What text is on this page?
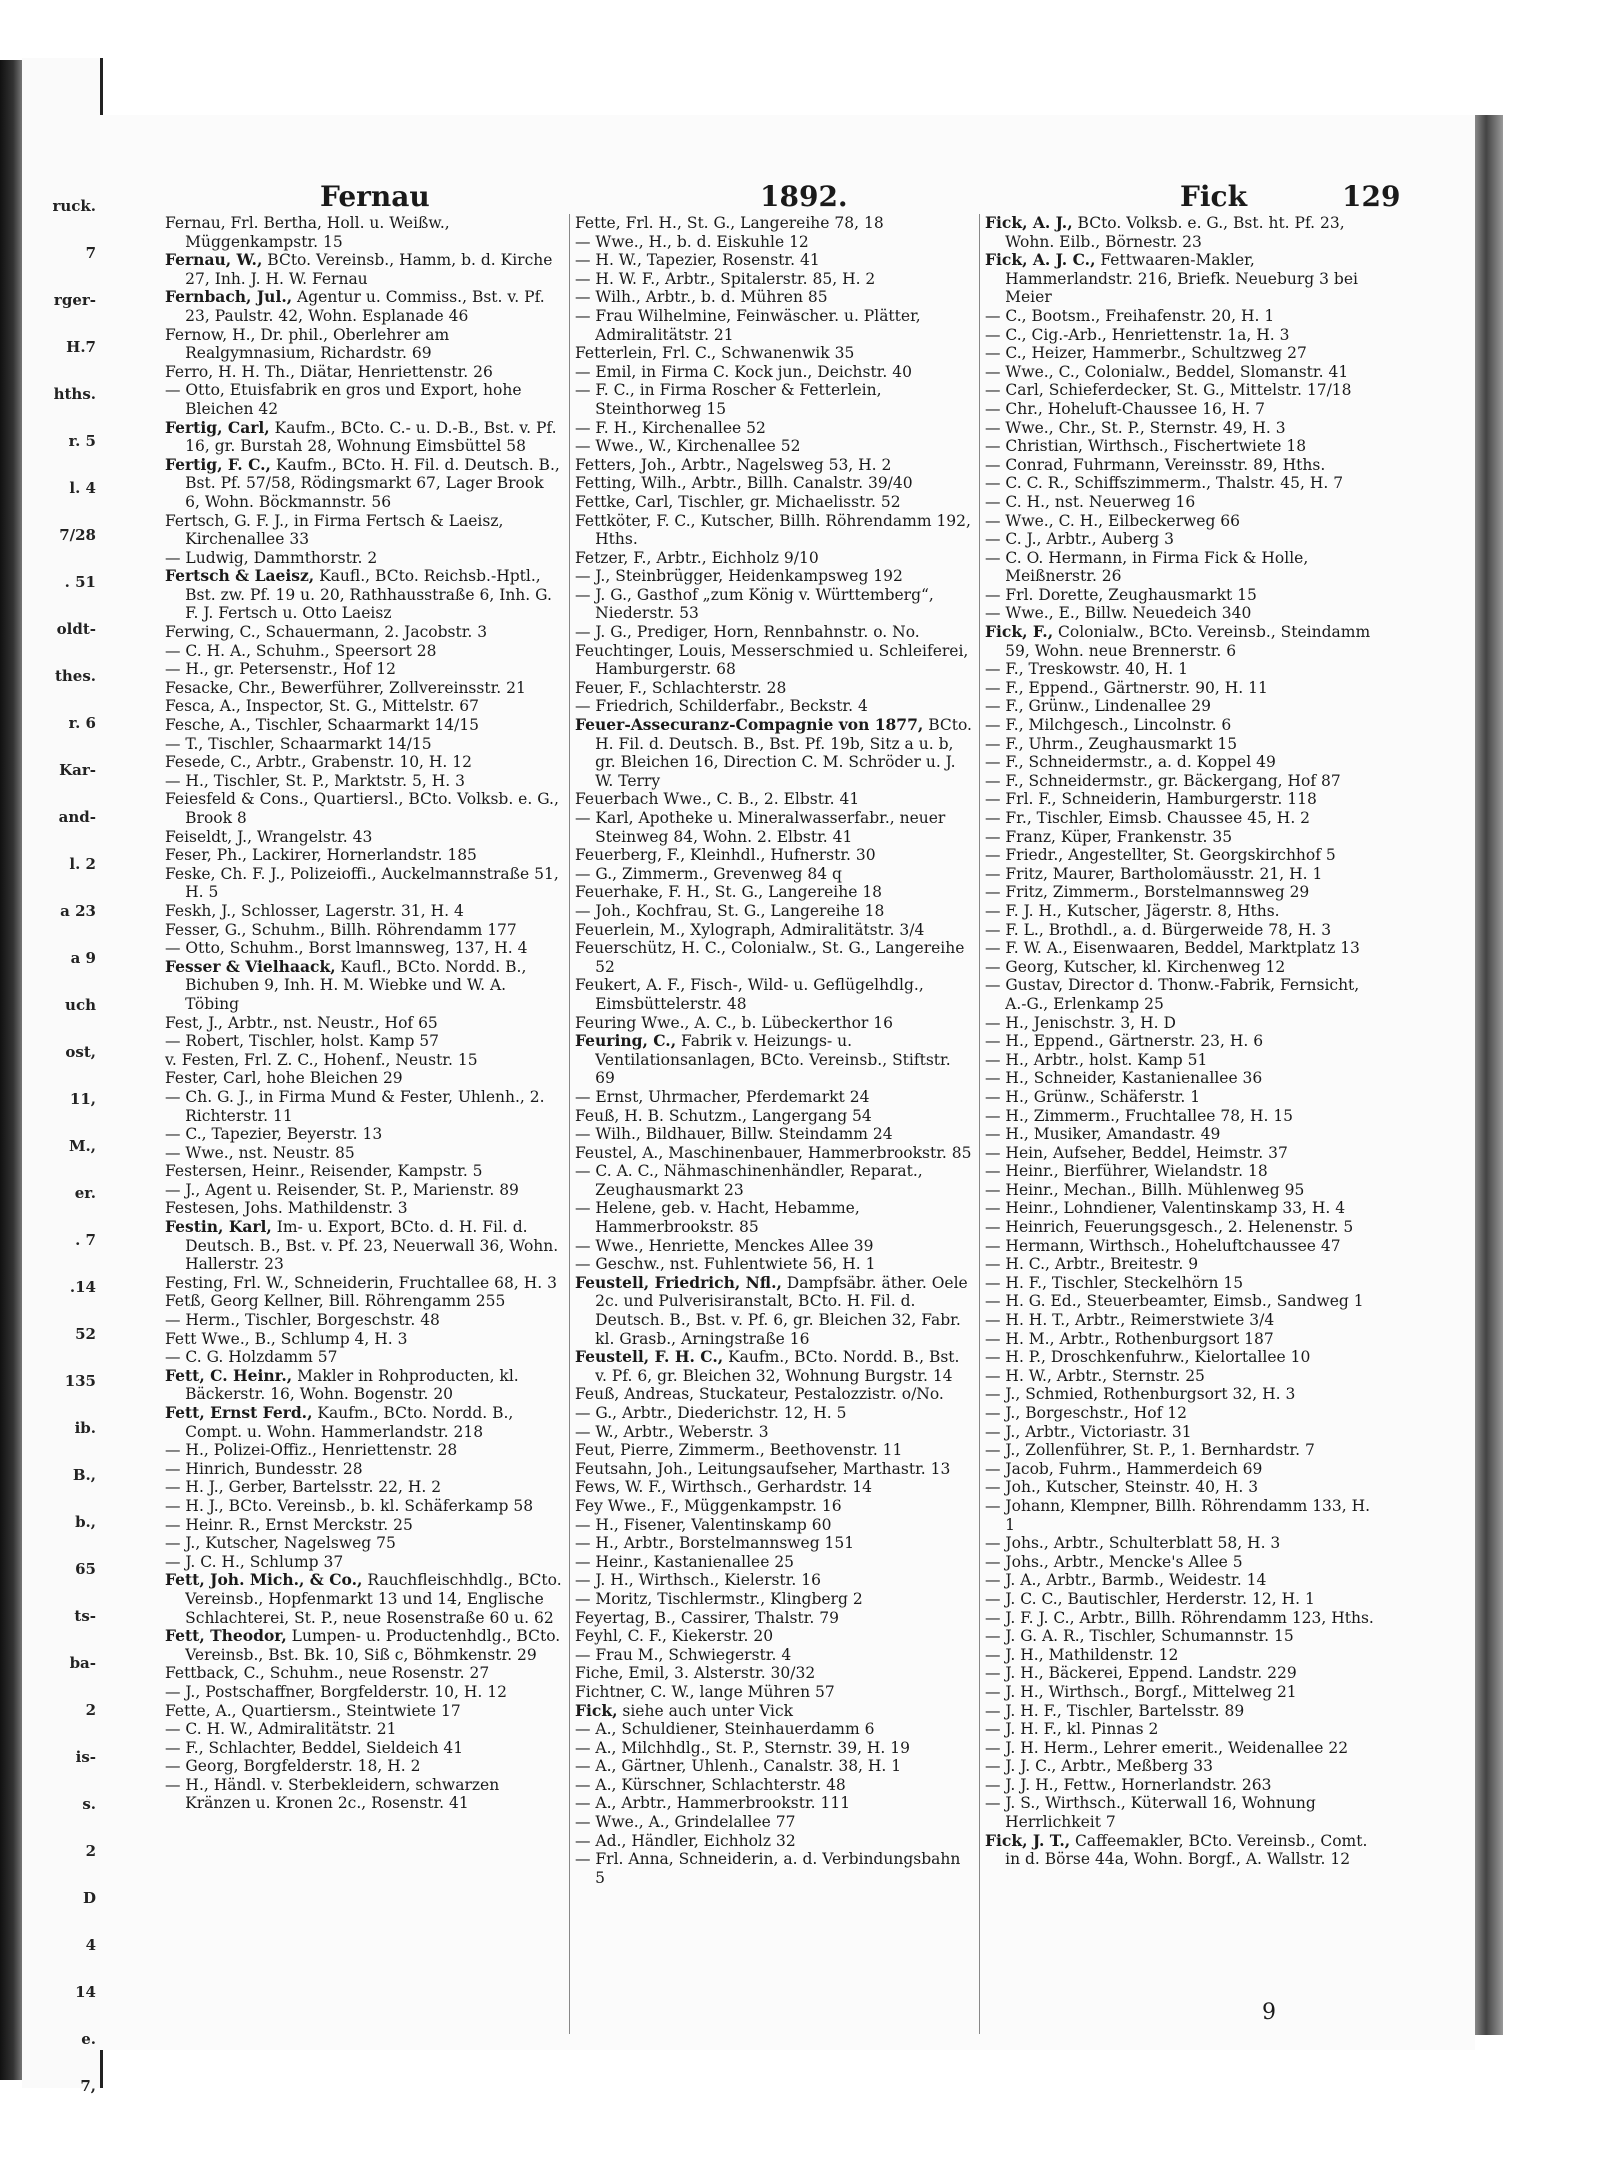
ruck.
7
rger-
H.7
hths.
r. 5
l. 4
7/28
. 51
oldt-
thes.
r. 6
Kar-
and-
l. 2
a 23
a 9
uch
ost,
11,
M.,
er.
. 7
.14
52
135
ib.
B.,
b.,
65
ts-
ba-
2
is-
s.
2
D
4
14
e.
7,
Fernau	1892.	Fick	129

Fernau, Frl. Bertha, Holl. u. Weißw., Müggenkampstr. 15

Fernau, W., BCto. Vereinsb., Hamm, b. d. Kirche 27, Inh. J. H. W. Fernau

Fernbach, Jul., Agentur u. Commiss., Bst. v. Pf. 23, Paulstr. 42, Wohn. Esplanade 46

Fernow, H., Dr. phil., Oberlehrer am Realgymnasium, Richardstr. 69

Ferro, H. H. Th., Diätar, Henriettenstr. 26

— Otto, Etuisfabrik en gros und Export, hohe Bleichen 42

Fertig, Carl, Kaufm., BCto. C.- u. D.-B., Bst. v. Pf. 16, gr. Burstah 28, Wohnung Eimsbüttel 58

Fertig, F. C., Kaufm., BCto. H. Fil. d. Deutsch. B., Bst. Pf. 57/58, Rödingsmarkt 67, Lager Brook 6, Wohn. Böckmannstr. 56

Fertsch, G. F. J., in Firma Fertsch & Laeisz, Kirchenallee 33

— Ludwig, Dammthorstr. 2

Fertsch & Laeisz, Kaufl., BCto. Reichsb.-Hptl., Bst. zw. Pf. 19 u. 20, Rathhausstraße 6, Inh. G. F. J. Fertsch u. Otto Laeisz

Ferwing, C., Schauermann, 2. Jacobstr. 3

— C. H. A., Schuhm., Speersort 28

— H., gr. Petersenstr., Hof 12

Fesacke, Chr., Bewerführer, Zollvereinsstr. 21

Fesca, A., Inspector, St. G., Mittelstr. 67

Fesche, A., Tischler, Schaarmarkt 14/15

— T., Tischler, Schaarmarkt 14/15

Fesede, C., Arbtr., Grabenstr. 10, H. 12

— H., Tischler, St. P., Marktstr. 5, H. 3

Feiesfeld & Cons., Quartiersl., BCto. Volksb. e. G., Brook 8

Feiseldt, J., Wrangelstr. 43

Feser, Ph., Lackirer, Hornerlandstr. 185

Feske, Ch. F. J., Polizeioffi., Auckelmannstraße 51, H. 5

Feskh, J., Schlosser, Lagerstr. 31, H. 4

Fesser, G., Schuhm., Billh. Röhrendamm 177

— Otto, Schuhm., Borst lmannsweg, 137, H. 4

Fesser & Vielhaack, Kaufl., BCto. Nordd. B., Bichuben 9, Inh. H. M. Wiebke und W. A. Töbing

Fest, J., Arbtr., nst. Neustr., Hof 65

— Robert, Tischler, holst. Kamp 57

v. Festen, Frl. Z. C., Hohenf., Neustr. 15

Fester, Carl, hohe Bleichen 29

— Ch. G. J., in Firma Mund & Fester, Uhlenh., 2. Richterstr. 11

— C., Tapezier, Beyerstr. 13

— Wwe., nst. Neustr. 85

Festersen, Heinr., Reisender, Kampstr. 5

— J., Agent u. Reisender, St. P., Marienstr. 89

Festesen, Johs. Mathildenstr. 3

Festin, Karl, Im- u. Export, BCto. d. H. Fil. d. Deutsch. B., Bst. v. Pf. 23, Neuerwall 36, Wohn. Hallerstr. 23

Festing, Frl. W., Schneiderin, Fruchtallee 68, H. 3

Fetß, Georg Kellner, Bill. Röhrengamm 255

— Herm., Tischler, Borgeschstr. 48

Fett Wwe., B., Schlump 4, H. 3

— C. G. Holzdamm 57

Fett, C. Heinr., Makler in Rohproducten, kl. Bäckerstr. 16, Wohn. Bogenstr. 20

Fett, Ernst Ferd., Kaufm., BCto. Nordd. B., Compt. u. Wohn. Hammerlandstr. 218

— H., Polizei-Offiz., Henriettenstr. 28

— Hinrich, Bundesstr. 28

— H. J., Gerber, Bartelsstr. 22, H. 2

— H. J., BCto. Vereinsb., b. kl. Schäferkamp 58

— Heinr. R., Ernst Merckstr. 25

— J., Kutscher, Nagelsweg 75

— J. C. H., Schlump 37

Fett, Joh. Mich., & Co., Rauchfleischhdlg., BCto. Vereinsb., Hopfenmarkt 13 und 14, Englische Schlachterei, St. P., neue Rosenstraße 60 u. 62

Fett, Theodor, Lumpen- u. Productenhdlg., BCto. Vereinsb., Bst. Bk. 10, Siß c, Böhmkenstr. 29

Fettback, C., Schuhm., neue Rosenstr. 27

— J., Postschaffner, Borgfelderstr. 10, H. 12

Fette, A., Quartiersm., Steintwiete 17

— C. H. W., Admiralitätstr. 21

— F., Schlachter, Beddel, Sieldeich 41

— Georg, Borgfelderstr. 18, H. 2

— H., Händl. v. Sterbekleidern, schwarzen Kränzen u. Kronen 2c., Rosenstr. 41

Fette, Frl. H., St. G., Langereihe 78, 18

— Wwe., H., b. d. Eiskuhle 12

— H. W., Tapezier, Rosenstr. 41

— H. W. F., Arbtr., Spitalerstr. 85, H. 2

— Wilh., Arbtr., b. d. Mühren 85

— Frau Wilhelmine, Feinwäscher. u. Plätter, Admiralitätstr. 21

Fetterlein, Frl. C., Schwanenwik 35

— Emil, in Firma C. Kock jun., Deichstr. 40

— F. C., in Firma Roscher & Fetterlein, Steinthorweg 15

— F. H., Kirchenallee 52

— Wwe., W., Kirchenallee 52

Fetters, Joh., Arbtr., Nagelsweg 53, H. 2

Fetting, Wilh., Arbtr., Billh. Canalstr. 39/40

Fettke, Carl, Tischler, gr. Michaelisstr. 52

Fettköter, F. C., Kutscher, Billh. Röhrendamm 192, Hths.

Fetzer, F., Arbtr., Eichholz 9/10

— J., Steinbrügger, Heidenkampsweg 192

— J. G., Gasthof „zum König v. Württemberg“, Niederstr. 53

— J. G., Prediger, Horn, Rennbahnstr. o. No.

Feuchtinger, Louis, Messerschmied u. Schleiferei, Hamburgerstr. 68

Feuer, F., Schlachterstr. 28

— Friedrich, Schilderfabr., Beckstr. 4

Feuer-Assecuranz-Compagnie von 1877, BCto. H. Fil. d. Deutsch. B., Bst. Pf. 19b, Sitz a u. b, gr. Bleichen 16, Direction C. M. Schröder u. J. W. Terry

Feuerbach Wwe., C. B., 2. Elbstr. 41

— Karl, Apotheke u. Mineralwasserfabr., neuer Steinweg 84, Wohn. 2. Elbstr. 41

Feuerberg, F., Kleinhdl., Hufnerstr. 30

— G., Zimmerm., Grevenweg 84 q

Feuerhake, F. H., St. G., Langereihe 18

— Joh., Kochfrau, St. G., Langereihe 18

Feuerlein, M., Xylograph, Admiralitätstr. 3/4

Feuerschütz, H. C., Colonialw., St. G., Langereihe 52

Feukert, A. F., Fisch-, Wild- u. Geflügelhdlg., Eimsbüttelerstr. 48

Feuring Wwe., A. C., b. Lübeckerthor 16

Feuring, C., Fabrik v. Heizungs- u. Ventilationsanlagen, BCto. Vereinsb., Stiftstr. 69

— Ernst, Uhrmacher, Pferdemarkt 24

Feuß, H. B. Schutzm., Langergang 54

— Wilh., Bildhauer, Billw. Steindamm 24

Feustel, A., Maschinenbauer, Hammerbrookstr. 85

— C. A. C., Nähmaschinenhändler, Reparat., Zeughausmarkt 23

— Helene, geb. v. Hacht, Hebamme, Hammerbrookstr. 85

— Wwe., Henriette, Menckes Allee 39

— Geschw., nst. Fuhlentwiete 56, H. 1

Feustell, Friedrich, Nfl., Dampfsäbr. äther. Oele 2c. und Pulverisiranstalt, BCto. H. Fil. d. Deutsch. B., Bst. v. Pf. 6, gr. Bleichen 32, Fabr. kl. Grasb., Arningstraße 16

Feustell, F. H. C., Kaufm., BCto. Nordd. B., Bst. v. Pf. 6, gr. Bleichen 32, Wohnung Burgstr. 14

Feuß, Andreas, Stuckateur, Pestalozzistr. o/No.

— G., Arbtr., Diederichstr. 12, H. 5

— W., Arbtr., Weberstr. 3

Feut, Pierre, Zimmerm., Beethovenstr. 11

Feutsahn, Joh., Leitungsaufseher, Marthastr. 13

Fews, W. F., Wirthsch., Gerhardstr. 14

Fey Wwe., F., Müggenkampstr. 16

— H., Fisener, Valentinskamp 60

— H., Arbtr., Borstelmannsweg 151

— Heinr., Kastanienallee 25

— J. H., Wirthsch., Kielerstr. 16

— Moritz, Tischlermstr., Klingberg 2

Feyertag, B., Cassirer, Thalstr. 79

Feyhl, C. F., Kiekerstr. 20

— Frau M., Schwiegerstr. 4

Fiche, Emil, 3. Alsterstr. 30/32

Fichtner, C. W., lange Mühren 57

Fick, siehe auch unter Vick

— A., Schuldiener, Steinhauerdamm 6

— A., Milchhdlg., St. P., Sternstr. 39, H. 19

— A., Gärtner, Uhlenh., Canalstr. 38, H. 1

— A., Kürschner, Schlachterstr. 48

— A., Arbtr., Hammerbrookstr. 111

— Wwe., A., Grindelallee 77

— Ad., Händler, Eichholz 32

— Frl. Anna, Schneiderin, a. d. Verbindungsbahn 5

Fick, A. J., BCto. Volksb. e. G., Bst. ht. Pf. 23, Wohn. Eilb., Börnestr. 23

Fick, A. J. C., Fettwaaren-Makler, Hammerlandstr. 216, Briefk. Neueburg 3 bei Meier

— C., Bootsm., Freihafenstr. 20, H. 1

— C., Cig.-Arb., Henriettenstr. 1a, H. 3

— C., Heizer, Hammerbr., Schultzweg 27

— Wwe., C., Colonialw., Beddel, Slomanstr. 41

— Carl, Schieferdecker, St. G., Mittelstr. 17/18

— Chr., Hoheluft-Chaussee 16, H. 7

— Wwe., Chr., St. P., Sternstr. 49, H. 3

— Christian, Wirthsch., Fischertwiete 18

— Conrad, Fuhrmann, Vereinsstr. 89, Hths.

— C. C. R., Schiffszimmerm., Thalstr. 45, H. 7

— C. H., nst. Neuerweg 16

— Wwe., C. H., Eilbeckerweg 66

— C. J., Arbtr., Auberg 3

— C. O. Hermann, in Firma Fick & Holle, Meißnerstr. 26

— Frl. Dorette, Zeughausmarkt 15

— Wwe., E., Billw. Neuedeich 340

Fick, F., Colonialw., BCto. Vereinsb., Steindamm 59, Wohn. neue Brennerstr. 6

— F., Treskowstr. 40, H. 1

— F., Eppend., Gärtnerstr. 90, H. 11

— F., Grünw., Lindenallee 29

— F., Milchgesch., Lincolnstr. 6

— F., Uhrm., Zeughausmarkt 15

— F., Schneidermstr., a. d. Koppel 49

— F., Schneidermstr., gr. Bäckergang, Hof 87

— Frl. F., Schneiderin, Hamburgerstr. 118

— Fr., Tischler, Eimsb. Chaussee 45, H. 2

— Franz, Küper, Frankenstr. 35

— Friedr., Angestellter, St. Georgskirchhof 5

— Fritz, Maurer, Bartholomäusstr. 21, H. 1

— Fritz, Zimmerm., Borstelmannsweg 29

— F. J. H., Kutscher, Jägerstr. 8, Hths.

— F. L., Brothdl., a. d. Bürgerweide 78, H. 3

— F. W. A., Eisenwaaren, Beddel, Marktplatz 13

— Georg, Kutscher, kl. Kirchenweg 12

— Gustav, Director d. Thonw.-Fabrik, Fernsicht, A.-G., Erlenkamp 25

— H., Jenischstr. 3, H. D

— H., Eppend., Gärtnerstr. 23, H. 6

— H., Arbtr., holst. Kamp 51

— H., Schneider, Kastanienallee 36

— H., Grünw., Schäferstr. 1

— H., Zimmerm., Fruchtallee 78, H. 15

— H., Musiker, Amandastr. 49

— Hein, Aufseher, Beddel, Heimstr. 37

— Heinr., Bierführer, Wielandstr. 18

— Heinr., Mechan., Billh. Mühlenweg 95

— Heinr., Lohndiener, Valentinskamp 33, H. 4

— Heinrich, Feuerungsgesch., 2. Helenenstr. 5

— Hermann, Wirthsch., Hoheluftchaussee 47

— H. C., Arbtr., Breitestr. 9

— H. F., Tischler, Steckelhörn 15

— H. G. Ed., Steuerbeamter, Eimsb., Sandweg 1

— H. H. T., Arbtr., Reimerstwiete 3/4

— H. M., Arbtr., Rothenburgsort 187

— H. P., Droschkenfuhrw., Kielortallee 10

— H. W., Arbtr., Sternstr. 25

— J., Schmied, Rothenburgsort 32, H. 3

— J., Borgeschstr., Hof 12

— J., Arbtr., Victoriastr. 31

— J., Zollenführer, St. P., 1. Bernhardstr. 7

— Jacob, Fuhrm., Hammerdeich 69

— Joh., Kutscher, Steinstr. 40, H. 3

— Johann, Klempner, Billh. Röhrendamm 133, H. 1

— Johs., Arbtr., Schulterblatt 58, H. 3

— Johs., Arbtr., Mencke's Allee 5

— J. A., Arbtr., Barmb., Weidestr. 14

— J. C. C., Bautischler, Herderstr. 12, H. 1

— J. F. J. C., Arbtr., Billh. Röhrendamm 123, Hths.

— J. G. A. R., Tischler, Schumannstr. 15

— J. H., Mathildenstr. 12

— J. H., Bäckerei, Eppend. Landstr. 229

— J. H., Wirthsch., Borgf., Mittelweg 21

— J. H. F., Tischler, Bartelsstr. 89

— J. H. F., kl. Pinnas 2

— J. H. Herm., Lehrer emerit., Weidenallee 22

— J. J. C., Arbtr., Meßberg 33

— J. J. H., Fettw., Hornerlandstr. 263

— J. S., Wirthsch., Küterwall 16, Wohnung Herrlichkeit 7

Fick, J. T., Caffeemakler, BCto. Vereinsb., Comt. in d. Börse 44a, Wohn. Borgf., A. Wallstr. 12

9
